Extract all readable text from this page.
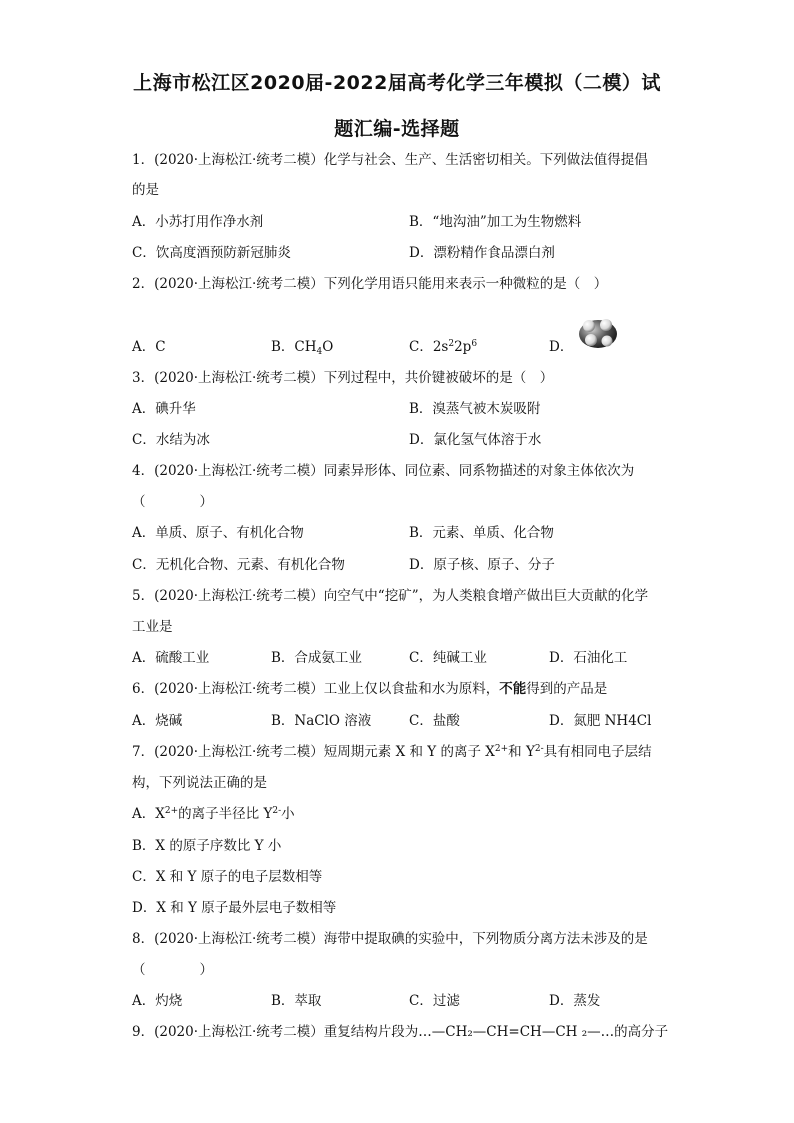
上海市松江区2020届-2022届高考化学三年模拟（二模）试
题汇编-选择题
1．(2020·上海松江·统考二模）化学与社会、生产、生活密切相关。下列做法值得提倡
的是
A．小苏打用作净水剂	B．“地沟油”加工为生物燃料
C．饮高度酒预防新冠肺炎	D．漂粉精作食品漂白剂
2．(2020·上海松江·统考二模）下列化学用语只能用来表示一种微粒的是（　）
A．C	B．$CH_4O$	C．$2s^22p^6$	D．
3．(2020·上海松江·统考二模）下列过程中，共价键被破坏的是（　）
A．碘升华	B．溴蒸气被木炭吸附
C．水结为冰	D．氯化氢气体溶于水
4．(2020·上海松江·统考二模）同素异形体、同位素、同系物描述的对象主体依次为
（　　　　）
A．单质、原子、有机化合物	B．元素、单质、化合物
C．无机化合物、元素、有机化合物	D．原子核、原子、分子
5．(2020·上海松江·统考二模）向空气中“挖矿”，为人类粮食增产做出巨大贡献的化学
工业是
A．硫酸工业	B．合成氨工业	C．纯碱工业	D．石油化工
6．(2020·上海松江·统考二模）工业上仅以食盐和水为原料，不能得到的产品是
A．烧碱	B．NaClO 溶液	C．盐酸	D．氮肥 NH4Cl
7．(2020·上海松江·统考二模）短周期元素 X 和 Y 的离子 $X^{2+}$和 $Y^{2-}$具有相同电子层结
构，下列说法正确的是
A．$X^{2+}$的离子半径比 $Y^{2-}$小
B．X 的原子序数比 Y 小
C．X 和 Y 原子的电子层数相等
D．X 和 Y 原子最外层电子数相等
8．(2020·上海松江·统考二模）海带中提取碘的实验中，下列物质分离方法未涉及的是
（　　　　）
A．灼烧	B．萃取	C．过滤	D．蒸发
9．(2020·上海松江·统考二模）重复结构片段为…—CH₂—CH=CH—CH ₂—…的高分子
